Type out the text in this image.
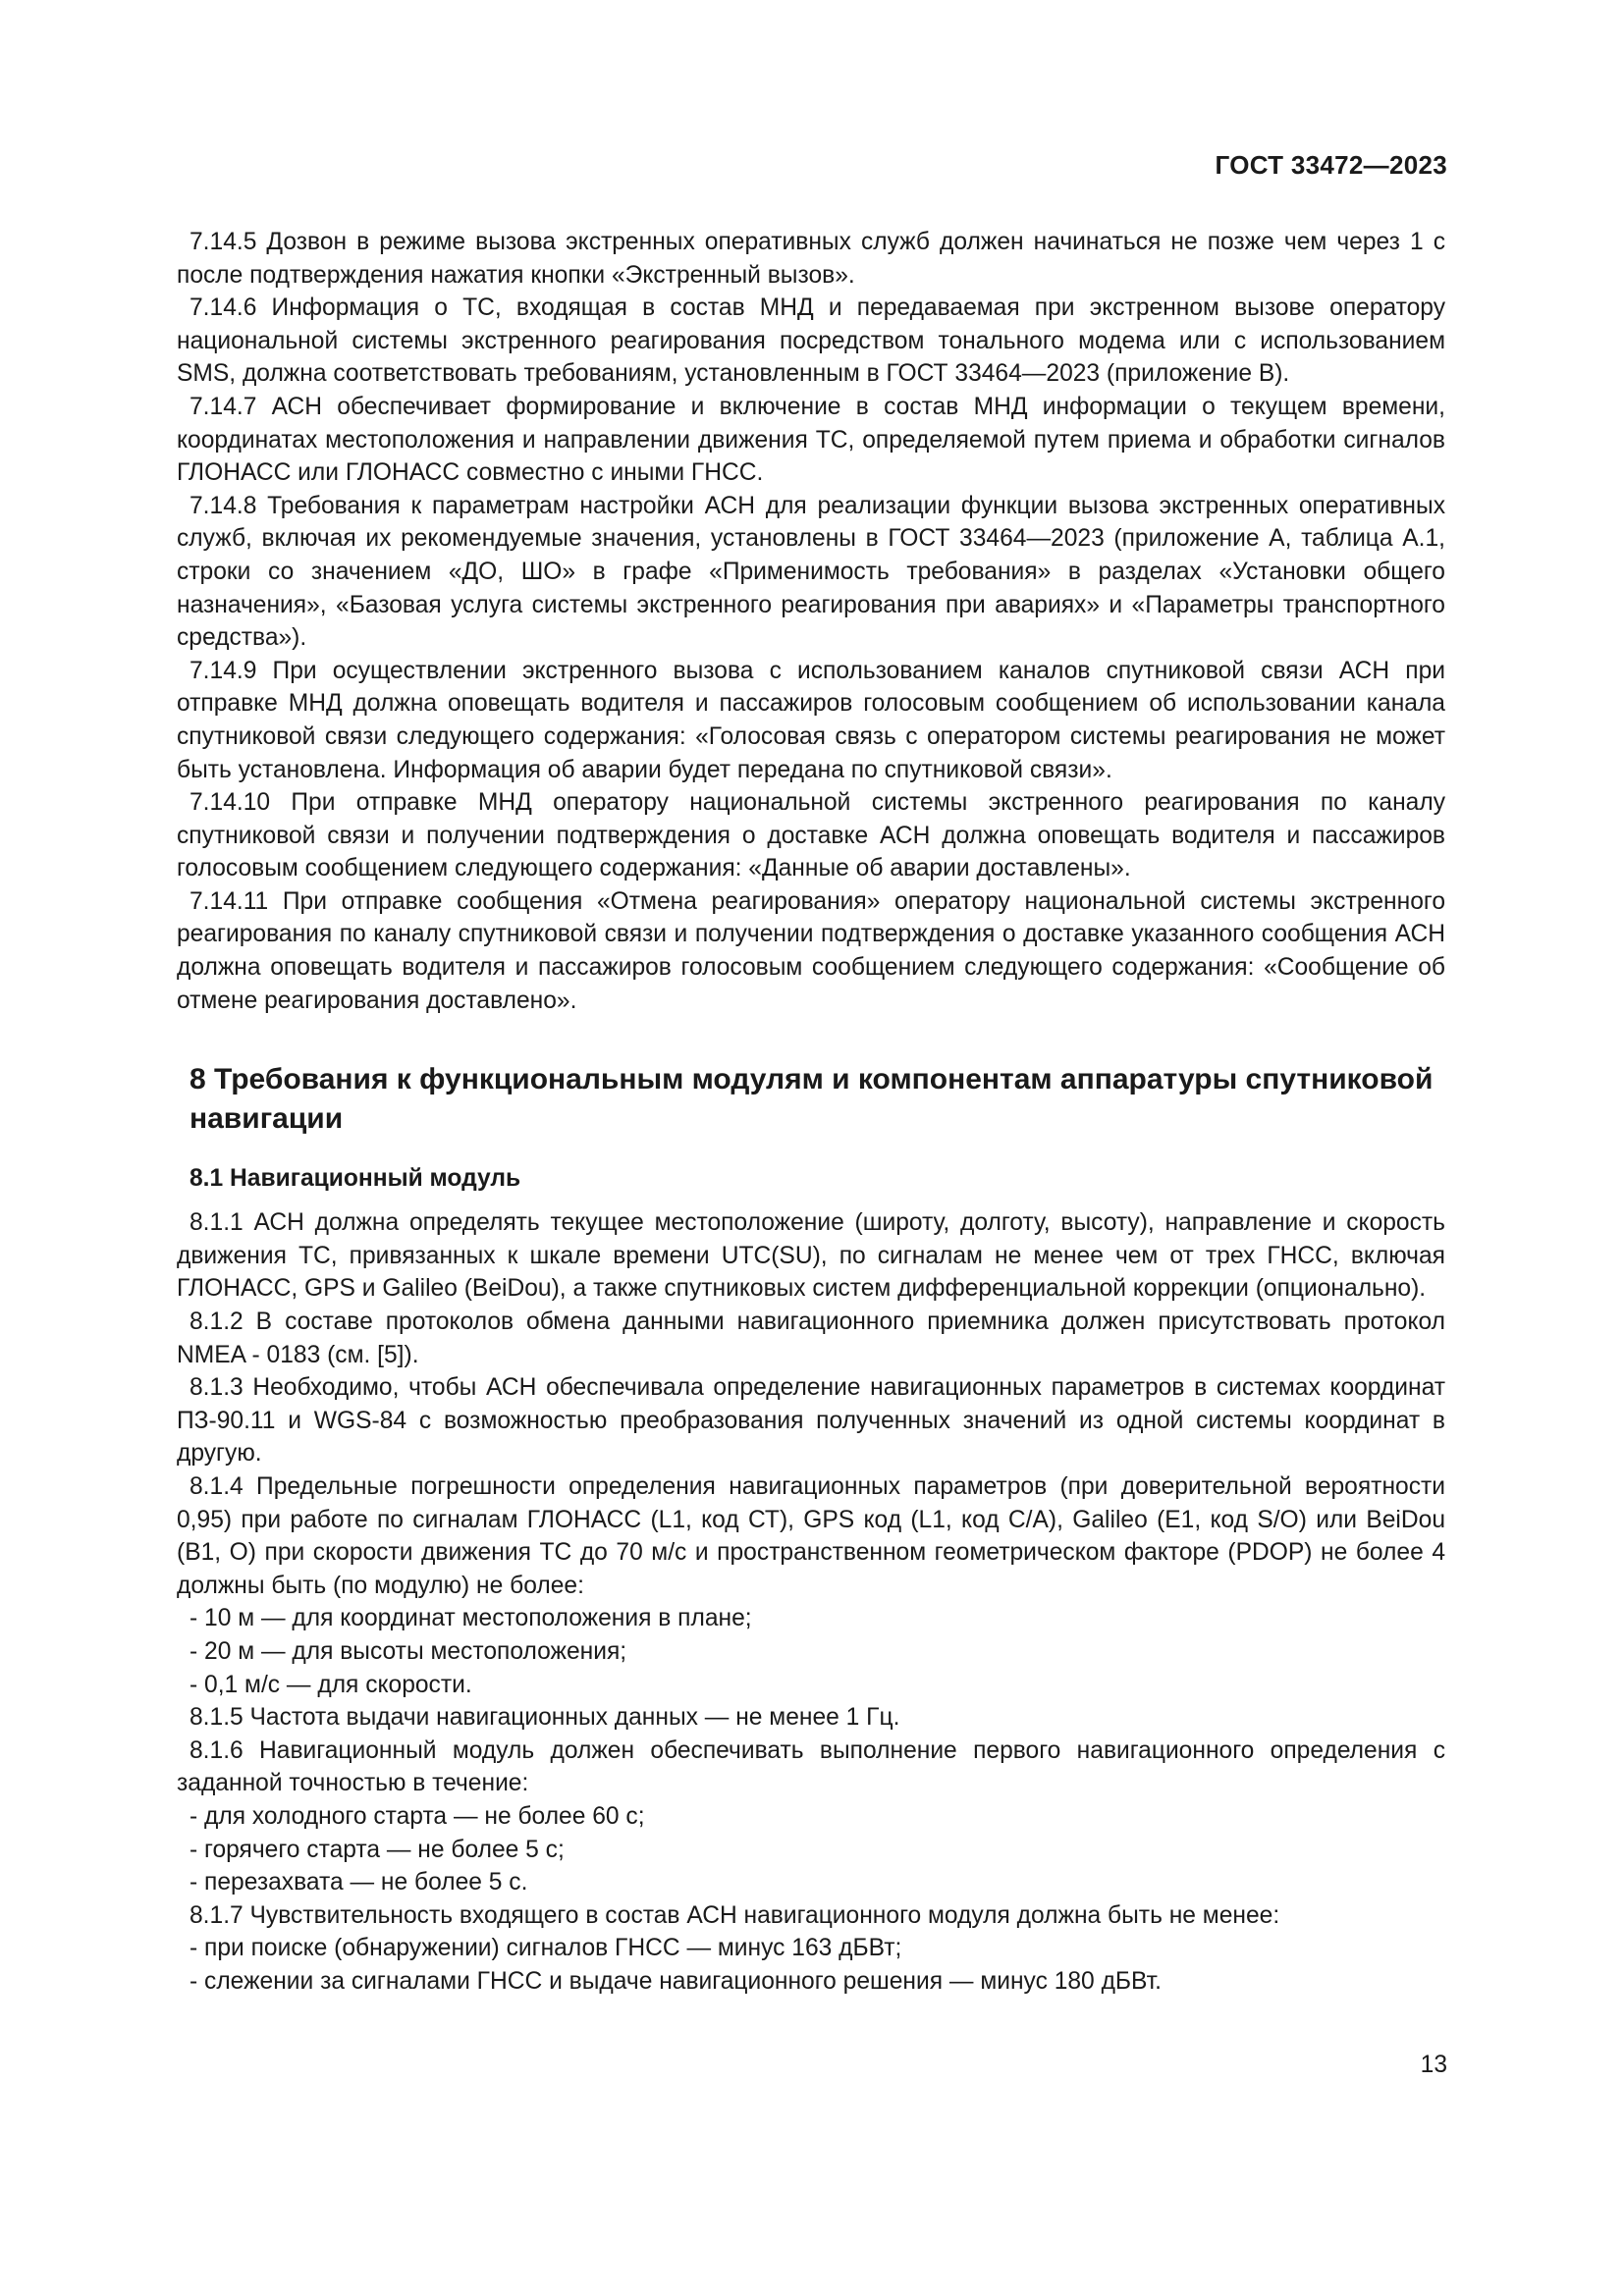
ГОСТ 33472—2023

7.14.5 Дозвон в режиме вызова экстренных оперативных служб должен начинаться не позже чем через 1 с после подтверждения нажатия кнопки «Экстренный вызов».

7.14.6 Информация о ТС, входящая в состав МНД и передаваемая при экстренном вызове оператору национальной системы экстренного реагирования посредством тонального модема или с использованием SMS, должна соответствовать требованиям, установленным в ГОСТ 33464—2023 (приложение В).

7.14.7 АСН обеспечивает формирование и включение в состав МНД информации о текущем времени, координатах местоположения и направлении движения ТС, определяемой путем приема и обработки сигналов ГЛОНАСС или ГЛОНАСС совместно с иными ГНСС.

7.14.8 Требования к параметрам настройки АСН для реализации функции вызова экстренных оперативных служб, включая их рекомендуемые значения, установлены в ГОСТ 33464—2023 (приложение А, таблица А.1, строки со значением «ДО, ШО» в графе «Применимость требования» в разделах «Установки общего назначения», «Базовая услуга системы экстренного реагирования при авариях» и «Параметры транспортного средства»).

7.14.9 При осуществлении экстренного вызова с использованием каналов спутниковой связи АСН при отправке МНД должна оповещать водителя и пассажиров голосовым сообщением об использовании канала спутниковой связи следующего содержания: «Голосовая связь с оператором системы реагирования не может быть установлена. Информация об аварии будет передана по спутниковой связи».

7.14.10 При отправке МНД оператору национальной системы экстренного реагирования по каналу спутниковой связи и получении подтверждения о доставке АСН должна оповещать водителя и пассажиров голосовым сообщением следующего содержания: «Данные об аварии доставлены».

7.14.11 При отправке сообщения «Отмена реагирования» оператору национальной системы экстренного реагирования по каналу спутниковой связи и получении подтверждения о доставке указанного сообщения АСН должна оповещать водителя и пассажиров голосовым сообщением следующего содержания: «Сообщение об отмене реагирования доставлено».

8 Требования к функциональным модулям и компонентам аппаратуры спутниковой навигации
8.1 Навигационный модуль

8.1.1 АСН должна определять текущее местоположение (широту, долготу, высоту), направление и скорость движения ТС, привязанных к шкале времени UTC(SU), по сигналам не менее чем от трех ГНСС, включая ГЛОНАСС, GPS и Galileo (BeiDou), а также спутниковых систем дифференциальной коррекции (опционально).

8.1.2 В составе протоколов обмена данными навигационного приемника должен присутствовать протокол NMEA - 0183 (см. [5]).

8.1.3 Необходимо, чтобы АСН обеспечивала определение навигационных параметров в системах координат ПЗ-90.11 и WGS-84 с возможностью преобразования полученных значений из одной системы координат в другую.

8.1.4 Предельные погрешности определения навигационных параметров (при доверительной вероятности 0,95) при работе по сигналам ГЛОНАСС (L1, код СТ), GPS код (L1, код C/A), Galileo (E1, код S/O) или BeiDou (B1, O) при скорости движения ТС до 70 м/с и пространственном геометрическом факторе (PDOP) не более 4 должны быть (по модулю) не более:

- 10 м — для координат местоположения в плане;
- 20 м — для высоты местоположения;
- 0,1 м/с — для скорости.

8.1.5 Частота выдачи навигационных данных — не менее 1 Гц.

8.1.6 Навигационный модуль должен обеспечивать выполнение первого навигационного определения с заданной точностью в течение:

- для холодного старта — не более 60 с;
- горячего старта — не более 5 с;
- перезахвата — не более 5 с.

8.1.7 Чувствительность входящего в состав АСН навигационного модуля должна быть не менее:

- при поиске (обнаружении) сигналов ГНСС — минус 163 дБВт;
- слежении за сигналами ГНСС и выдаче навигационного решения — минус 180 дБВт.
13
